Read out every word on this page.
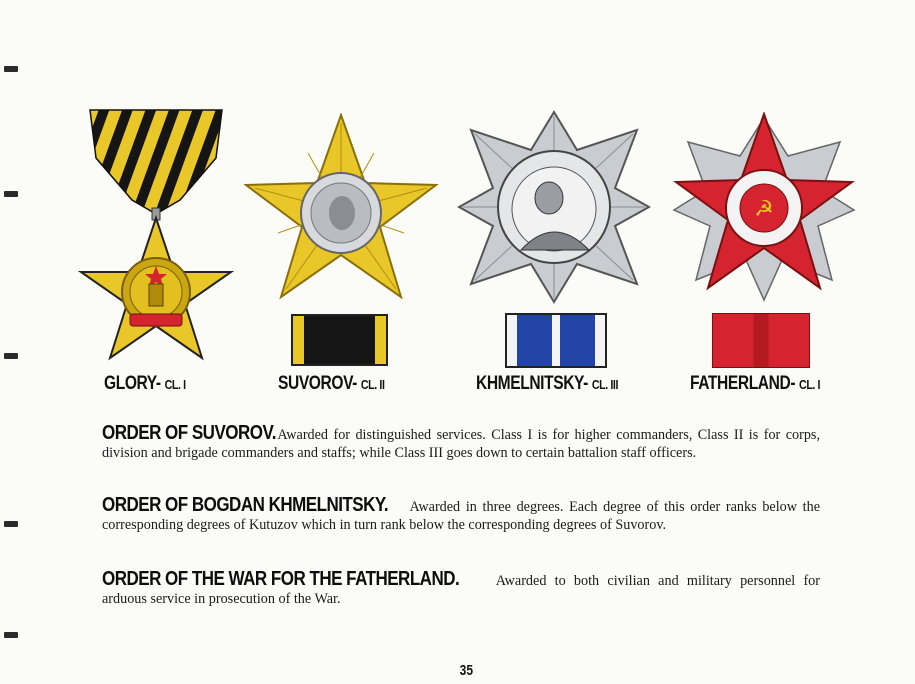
☭
GLORY- CL. I	SUVOROV- CL. II	KHMELNITSKY- CL. III	FATHERLAND- CL. I
ORDER OF SUVOROV. Awarded for distinguished services. Class I is for higher commanders, Class II is for corps, division and brigade commanders and staffs; while Class III goes down to certain battalion staff officers.
ORDER OF BOGDAN KHMELNITSKY. Awarded in three degrees. Each degree of this order ranks below the corresponding degrees of Kutuzov which in turn rank below the corresponding degrees of Suvorov.
ORDER OF THE WAR FOR THE FATHERLAND.	Awarded to both civilian and military personnel for arduous service in prosecution of the War.
35
